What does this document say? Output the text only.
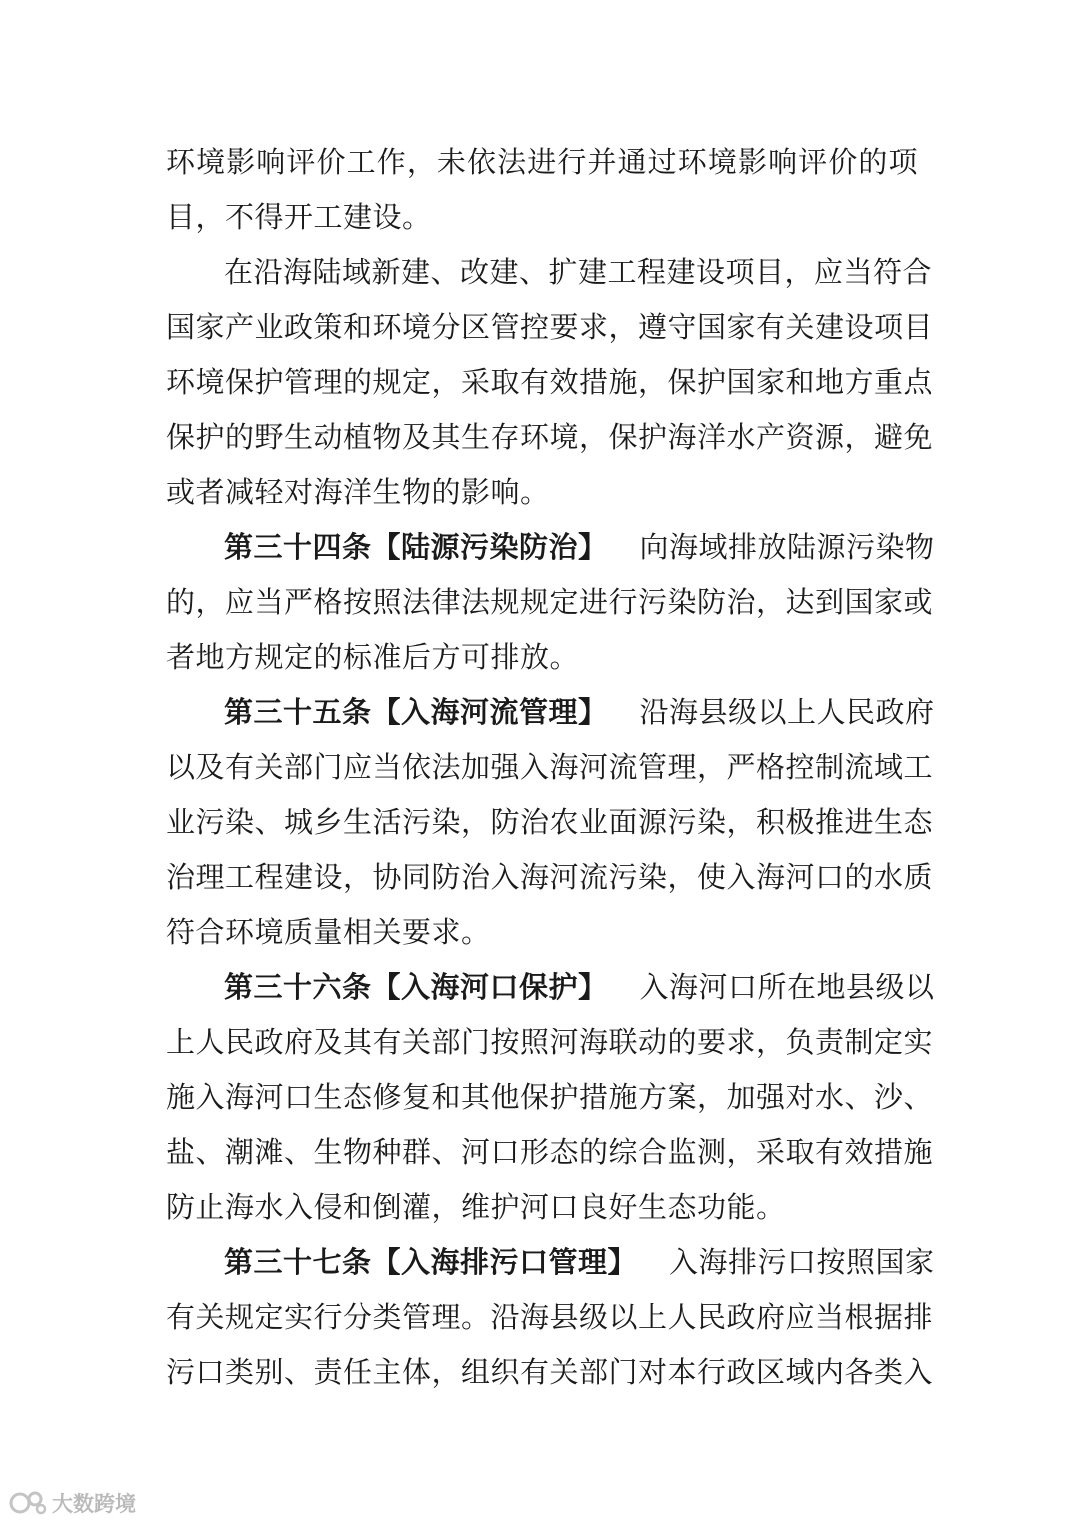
环境影响评价工作，未依法进行并通过环境影响评价的项
目，不得开工建设。
在沿海陆域新建、改建、扩建工程建设项目，应当符合
国家产业政策和环境分区管控要求，遵守国家有关建设项目
环境保护管理的规定，采取有效措施，保护国家和地方重点
保护的野生动植物及其生存环境，保护海洋水产资源，避免
或者减轻对海洋生物的影响。
第三十四条【陆源污染防治】 向海域排放陆源污染物
的，应当严格按照法律法规规定进行污染防治，达到国家或
者地方规定的标准后方可排放。
第三十五条【入海河流管理】 沿海县级以上人民政府
以及有关部门应当依法加强入海河流管理，严格控制流域工
业污染、城乡生活污染，防治农业面源污染，积极推进生态
治理工程建设，协同防治入海河流污染，使入海河口的水质
符合环境质量相关要求。
第三十六条【入海河口保护】 入海河口所在地县级以
上人民政府及其有关部门按照河海联动的要求，负责制定实
施入海河口生态修复和其他保护措施方案，加强对水、沙、
盐、潮滩、生物种群、河口形态的综合监测，采取有效措施
防止海水入侵和倒灌，维护河口良好生态功能。
第三十七条【入海排污口管理】 入海排污口按照国家
有关规定实行分类管理。沿海县级以上人民政府应当根据排
污口类别、责任主体，组织有关部门对本行政区域内各类入
大数跨境
